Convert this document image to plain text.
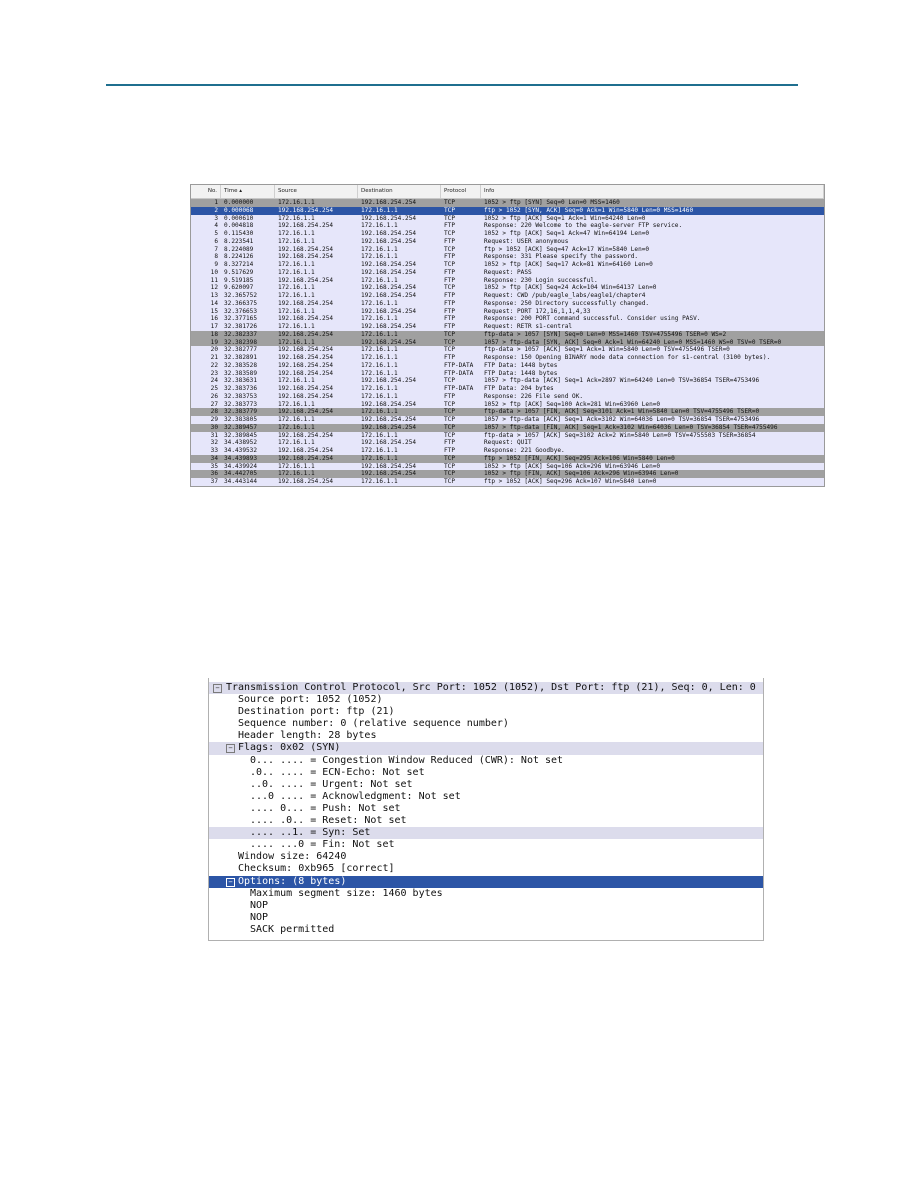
No.	Time ▴	Source	Destination	Protocol	Info
1 0.000000	172.16.1.1	192.168.254.254	TCP	1052 > ftp [SYN] Seq=0 Len=0 MSS=1460
2 0.000068	192.168.254.254	172.16.1.1	TCP	ftp > 1052 [SYN, ACK] Seq=0 Ack=1 Win=5840 Len=0 MSS=1460
3 0.000610	172.16.1.1	192.168.254.254	TCP	1052 > ftp [ACK] Seq=1 Ack=1 Win=64240 Len=0
4 0.004818	192.168.254.254	172.16.1.1	FTP	Response: 220 Welcome to the eagle-server FTP service.
5 0.115430	172.16.1.1	192.168.254.254	TCP	1052 > ftp [ACK] Seq=1 Ack=47 Win=64194 Len=0
6 8.223541	172.16.1.1	192.168.254.254	FTP	Request: USER anonymous
7 8.224089	192.168.254.254	172.16.1.1	TCP	ftp > 1052 [ACK] Seq=47 Ack=17 Win=5840 Len=0
8 8.224126	192.168.254.254	172.16.1.1	FTP	Response: 331 Please specify the password.
9 8.327214	172.16.1.1	192.168.254.254	TCP	1052 > ftp [ACK] Seq=17 Ack=81 Win=64160 Len=0
10 9.517629	172.16.1.1	192.168.254.254	FTP	Request: PASS
11 9.519185	192.168.254.254	172.16.1.1	FTP	Response: 230 Login successful.
12 9.620097	172.16.1.1	192.168.254.254	TCP	1052 > ftp [ACK] Seq=24 Ack=104 Win=64137 Len=0
13 32.365752	172.16.1.1	192.168.254.254	FTP	Request: CWD /pub/eagle_labs/eagle1/chapter4
14 32.366375	192.168.254.254	172.16.1.1	FTP	Response: 250 Directory successfully changed.
15 32.376653	172.16.1.1	192.168.254.254	FTP	Request: PORT 172,16,1,1,4,33
16 32.377165	192.168.254.254	172.16.1.1	FTP	Response: 200 PORT command successful. Consider using PASV.
17 32.381726	172.16.1.1	192.168.254.254	FTP	Request: RETR s1-central
18 32.382337	192.168.254.254	172.16.1.1	TCP	ftp-data > 1057 [SYN] Seq=0 Len=0 MSS=1460 TSV=4755496 TSER=0 WS=2
19 32.382398	172.16.1.1	192.168.254.254	TCP	1057 > ftp-data [SYN, ACK] Seq=0 Ack=1 Win=64240 Len=0 MSS=1460 WS=0 TSV=0 TSER=0
20 32.382777	192.168.254.254	172.16.1.1	TCP	ftp-data > 1057 [ACK] Seq=1 Ack=1 Win=5840 Len=0 TSV=4755496 TSER=0
21 32.382891	192.168.254.254	172.16.1.1	FTP	Response: 150 Opening BINARY mode data connection for s1-central (3100 bytes).
22 32.383528	192.168.254.254	172.16.1.1	FTP-DATA	FTP Data: 1448 bytes
23 32.383589	192.168.254.254	172.16.1.1	FTP-DATA	FTP Data: 1448 bytes
24 32.383631	172.16.1.1	192.168.254.254	TCP	1057 > ftp-data [ACK] Seq=1 Ack=2897 Win=64240 Len=0 TSV=36854 TSER=4753496
25 32.383736	192.168.254.254	172.16.1.1	FTP-DATA	FTP Data: 204 bytes
26 32.383753	192.168.254.254	172.16.1.1	FTP	Response: 226 File send OK.
27 32.383773	172.16.1.1	192.168.254.254	TCP	1052 > ftp [ACK] Seq=100 Ack=281 Win=63960 Len=0
28 32.383779	192.168.254.254	172.16.1.1	TCP	ftp-data > 1057 [FIN, ACK] Seq=3101 Ack=1 Win=5840 Len=0 TSV=4755496 TSER=0
29 32.383805	172.16.1.1	192.168.254.254	TCP	1057 > ftp-data [ACK] Seq=1 Ack=3102 Win=64036 Len=0 TSV=36854 TSER=4753496
30 32.389457	172.16.1.1	192.168.254.254	TCP	1057 > ftp-data [FIN, ACK] Seq=1 Ack=3102 Win=64036 Len=0 TSV=36854 TSER=4755496
31 32.389845	192.168.254.254	172.16.1.1	TCP	ftp-data > 1057 [ACK] Seq=3102 Ack=2 Win=5840 Len=0 TSV=4755503 TSER=36854
32 34.438952	172.16.1.1	192.168.254.254	FTP	Request: QUIT
33 34.439532	192.168.254.254	172.16.1.1	FTP	Response: 221 Goodbye.
34 34.439893	192.168.254.254	172.16.1.1	TCP	ftp > 1052 [FIN, ACK] Seq=295 Ack=106 Win=5840 Len=0
35 34.439924	172.16.1.1	192.168.254.254	TCP	1052 > ftp [ACK] Seq=106 Ack=296 Win=63946 Len=0
36 34.442705	172.16.1.1	192.168.254.254	TCP	1052 > ftp [FIN, ACK] Seq=106 Ack=296 Win=63946 Len=0
37 34.443144	192.168.254.254	172.16.1.1	TCP	ftp > 1052 [ACK] Seq=296 Ack=107 Win=5840 Len=0
− Transmission Control Protocol, Src Port: 1052 (1052), Dst Port: ftp (21), Seq: 0, Len: 0
Source port: 1052 (1052)
Destination port: ftp (21)
Sequence number: 0 (relative sequence number)
Header length: 28 bytes
− Flags: 0x02 (SYN)
0... .... = Congestion Window Reduced (CWR): Not set
.0.. .... = ECN-Echo: Not set
..0. .... = Urgent: Not set
...0 .... = Acknowledgment: Not set
.... 0... = Push: Not set
.... .0.. = Reset: Not set
.... ..1. = Syn: Set
.... ...0 = Fin: Not set
Window size: 64240
Checksum: 0xb965 [correct]
− Options: (8 bytes)
Maximum segment size: 1460 bytes
NOP
NOP
SACK permitted
